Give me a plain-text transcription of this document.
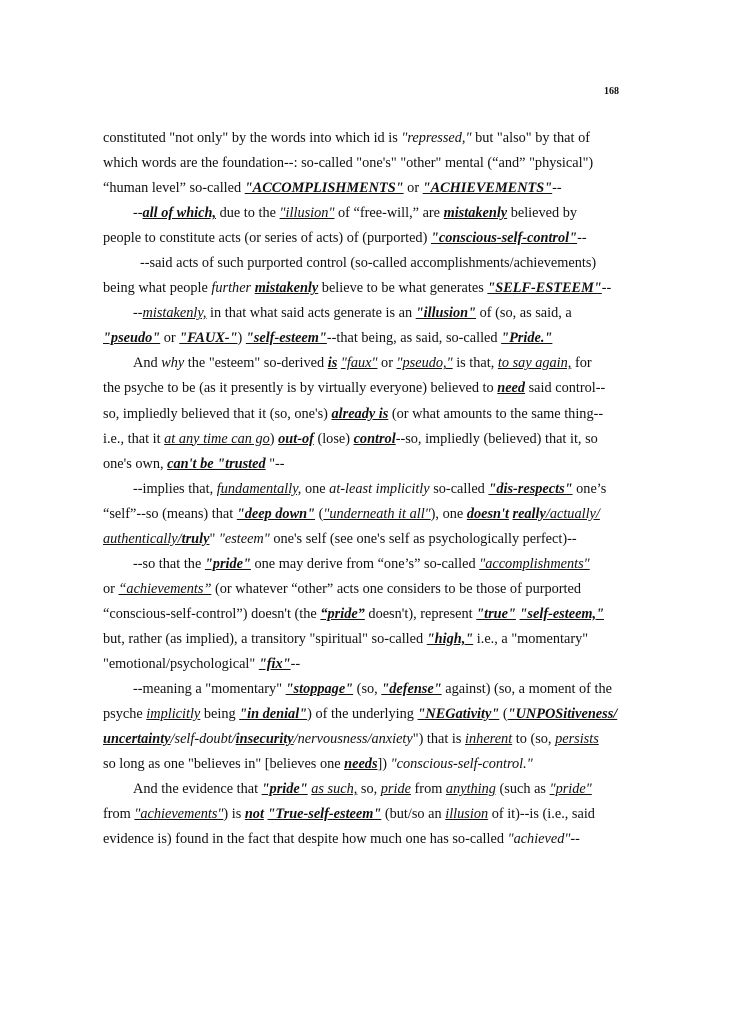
168
constituted "not only" by the words into which id is "repressed," but "also" by that of
which words are the foundation--: so-called "one's" "other" mental (“and” "physical")
“human level” so-called "ACCOMPLISHMENTS" or "ACHIEVEMENTS"--
--all of which, due to the "illusion" of “free-will,” are mistakenly believed by
people to constitute acts (or series of acts) of (purported) "conscious-self-control"--
--said acts of such purported control (so-called accomplishments/achievements)
being what people further mistakenly believe to be what generates "SELF-ESTEEM"--
--mistakenly, in that what said acts generate is an "illusion" of (so, as said, a
"pseudo" or "FAUX-") "self-esteem"--that being, as said, so-called "Pride."
And why the "esteem" so-derived is "faux" or "pseudo," is that, to say again, for
the psyche to be (as it presently is by virtually everyone) believed to need said control--
so, impliedly believed that it (so, one's) already is (or what amounts to the same thing--
i.e., that it at any time can go) out-of (lose) control--so, impliedly (believed) that it, so
one's own, can't be "trusted "--
--implies that, fundamentally, one at-least implicitly so-called "dis-respects" one’s
“self”--so (means) that "deep down" ("underneath it all"), one doesn't really/actually/
authentically/truly" "esteem" one's self (see one's self as psychologically perfect)--
--so that the "pride" one may derive from “one’s” so-called "accomplishments"
or “achievements” (or whatever “other” acts one considers to be those of purported
“conscious-self-control”) doesn't (the “pride” doesn't), represent "true" "self-esteem,"
but, rather (as implied), a transitory "spiritual" so-called "high," i.e., a "momentary"
"emotional/psychological" "fix"--
--meaning a "momentary" "stoppage" (so, "defense" against) (so, a moment of the
psyche implicitly being "in denial") of the underlying "NEGativity" ("UNPOSitiveness/
uncertainty/self-doubt/insecurity/nervousness/anxiety") that is inherent to (so, persists
so long as one "believes in" [believes one needs]) "conscious-self-control."
And the evidence that "pride" as such, so, pride from anything (such as "pride"
from "achievements") is not "True-self-esteem" (but/so an illusion of it)--is (i.e., said
evidence is) found in the fact that despite how much one has so-called "achieved"--
